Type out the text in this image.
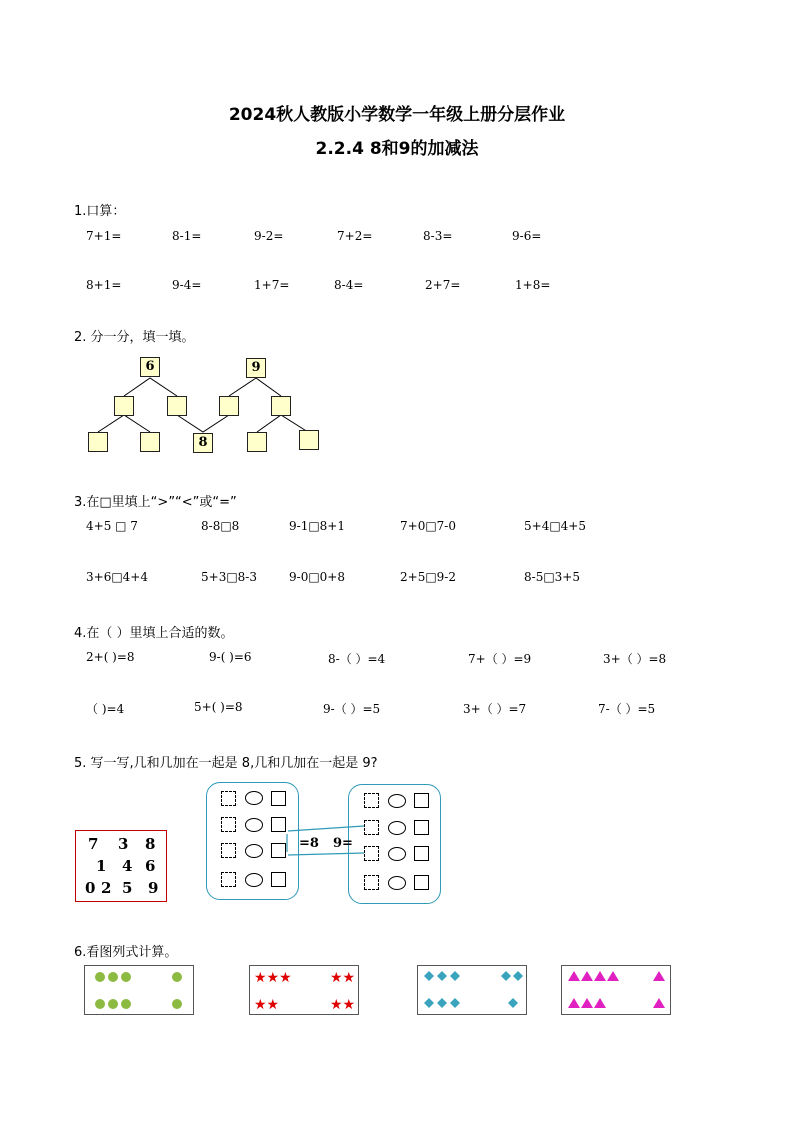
2024秋人教版小学数学一年级上册分层作业
2.2.4 8和9的加减法
1.口算：
7+1=	8-1=	9-2=	7+2=	8-3=	9-6=
8+1=	9-4=	1+7=	8-4=	2+7=	1+8=
2. 分一分，填一填。
6	9
8
3.在□里填上“>”“<”或“=”
4+5 □ 7	8-8□8	9-1□8+1	7+0□7-0	5+4□4+5
3+6□4+4	5+3□8-3	9-0□0+8	2+5□9-2	8-5□3+5
4.在（ ）里填上合适的数。
2+( )=8	9-( )=6	8-（ ）=4	7+（ ）=9	3+（ ）=8
（ )=4	5+( )=8	9-（ ）=5	3+（ ）=7	7-（ ）=5
5. 写一写,几和几加在一起是 8,几和几加在一起是 9?
7 3 8
1 4 6
0 2 5 9
=8 9=
6.看图列式计算。
★★★	★★
★★	★★
